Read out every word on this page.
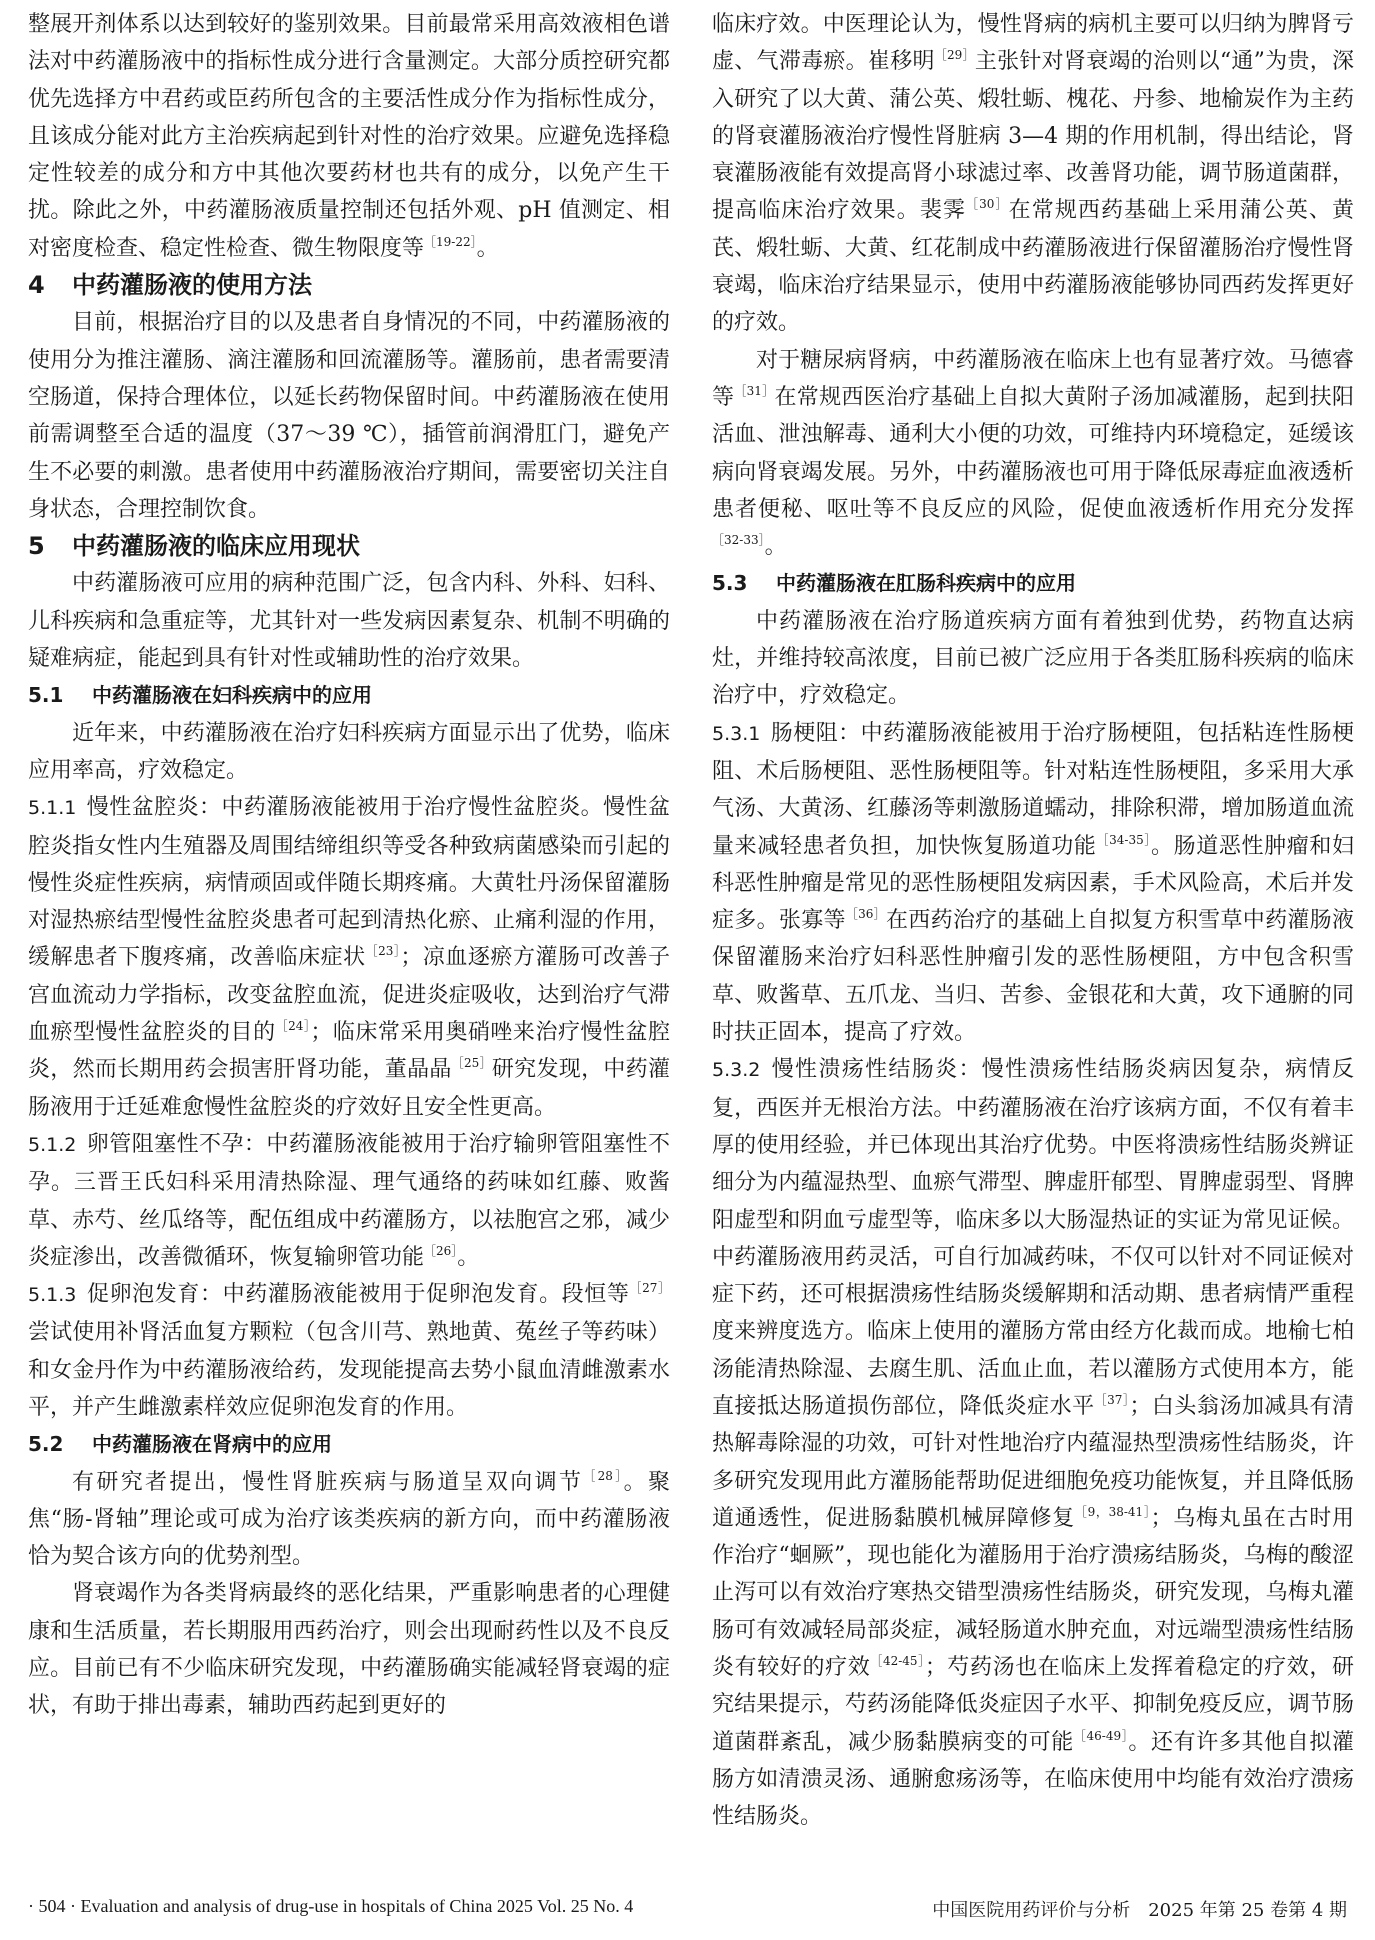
整展开剂体系以达到较好的鉴别效果。目前最常采用高效液相色谱法对中药灌肠液中的指标性成分进行含量测定。大部分质控研究都优先选择方中君药或臣药所包含的主要活性成分作为指标性成分，且该成分能对此方主治疾病起到针对性的治疗效果。应避免选择稳定性较差的成分和方中其他次要药材也共有的成分，以免产生干扰。除此之外，中药灌肠液质量控制还包括外观、pH 值测定、相对密度检查、稳定性检查、微生物限度等$^{[19-22]}$。

4 中药灌肠液的使用方法

目前，根据治疗目的以及患者自身情况的不同，中药灌肠液的使用分为推注灌肠、滴注灌肠和回流灌肠等。灌肠前，患者需要清空肠道，保持合理体位，以延长药物保留时间。中药灌肠液在使用前需调整至合适的温度（37～39 ℃），插管前润滑肛门，避免产生不必要的刺激。患者使用中药灌肠液治疗期间，需要密切关注自身状态，合理控制饮食。

5 中药灌肠液的临床应用现状

中药灌肠液可应用的病种范围广泛，包含内科、外科、妇科、儿科疾病和急重症等，尤其针对一些发病因素复杂、机制不明确的疑难病症，能起到具有针对性或辅助性的治疗效果。

5.1 中药灌肠液在妇科疾病中的应用

近年来，中药灌肠液在治疗妇科疾病方面显示出了优势，临床应用率高，疗效稳定。

5.1.1 慢性盆腔炎：中药灌肠液能被用于治疗慢性盆腔炎。慢性盆腔炎指女性内生殖器及周围结缔组织等受各种致病菌感染而引起的慢性炎症性疾病，病情顽固或伴随长期疼痛。大黄牡丹汤保留灌肠对湿热瘀结型慢性盆腔炎患者可起到清热化瘀、止痛利湿的作用，缓解患者下腹疼痛，改善临床症状$^{[23]}$；凉血逐瘀方灌肠可改善子宫血流动力学指标，改变盆腔血流，促进炎症吸收，达到治疗气滞血瘀型慢性盆腔炎的目的$^{[24]}$；临床常采用奥硝唑来治疗慢性盆腔炎，然而长期用药会损害肝肾功能，董晶晶$^{[25]}$研究发现，中药灌肠液用于迁延难愈慢性盆腔炎的疗效好且安全性更高。

5.1.2 卵管阻塞性不孕：中药灌肠液能被用于治疗输卵管阻塞性不孕。三晋王氏妇科采用清热除湿、理气通络的药味如红藤、败酱草、赤芍、丝瓜络等，配伍组成中药灌肠方，以祛胞宫之邪，减少炎症渗出，改善微循环，恢复输卵管功能$^{[26]}$。

5.1.3 促卵泡发育：中药灌肠液能被用于促卵泡发育。段恒等$^{[27]}$尝试使用补肾活血复方颗粒（包含川芎、熟地黄、菟丝子等药味）和女金丹作为中药灌肠液给药，发现能提高去势小鼠血清雌激素水平，并产生雌激素样效应促卵泡发育的作用。

5.2 中药灌肠液在肾病中的应用

有研究者提出，慢性肾脏疾病与肠道呈双向调节$^{[28]}$。聚焦“肠-肾轴”理论或可成为治疗该类疾病的新方向，而中药灌肠液恰为契合该方向的优势剂型。

肾衰竭作为各类肾病最终的恶化结果，严重影响患者的心理健康和生活质量，若长期服用西药治疗，则会出现耐药性以及不良反应。目前已有不少临床研究发现，中药灌肠确实能减轻肾衰竭的症状，有助于排出毒素，辅助西药起到更好的

临床疗效。中医理论认为，慢性肾病的病机主要可以归纳为脾肾亏虚、气滞毒瘀。崔移明$^{[29]}$主张针对肾衰竭的治则以“通”为贵，深入研究了以大黄、蒲公英、煅牡蛎、槐花、丹参、地榆炭作为主药的肾衰灌肠液治疗慢性肾脏病 3—4 期的作用机制，得出结论，肾衰灌肠液能有效提高肾小球滤过率、改善肾功能，调节肠道菌群，提高临床治疗效果。裴霁$^{[30]}$在常规西药基础上采用蒲公英、黄芪、煅牡蛎、大黄、红花制成中药灌肠液进行保留灌肠治疗慢性肾衰竭，临床治疗结果显示，使用中药灌肠液能够协同西药发挥更好的疗效。

对于糖尿病肾病，中药灌肠液在临床上也有显著疗效。马德睿等$^{[31]}$在常规西医治疗基础上自拟大黄附子汤加减灌肠，起到扶阳活血、泄浊解毒、通利大小便的功效，可维持内环境稳定，延缓该病向肾衰竭发展。另外，中药灌肠液也可用于降低尿毒症血液透析患者便秘、呕吐等不良反应的风险，促使血液透析作用充分发挥$^{[32-33]}$。

5.3 中药灌肠液在肛肠科疾病中的应用

中药灌肠液在治疗肠道疾病方面有着独到优势，药物直达病灶，并维持较高浓度，目前已被广泛应用于各类肛肠科疾病的临床治疗中，疗效稳定。

5.3.1 肠梗阻：中药灌肠液能被用于治疗肠梗阻，包括粘连性肠梗阻、术后肠梗阻、恶性肠梗阻等。针对粘连性肠梗阻，多采用大承气汤、大黄汤、红藤汤等刺激肠道蠕动，排除积滞，增加肠道血流量来减轻患者负担，加快恢复肠道功能$^{[34-35]}$。肠道恶性肿瘤和妇科恶性肿瘤是常见的恶性肠梗阻发病因素，手术风险高，术后并发症多。张寡等$^{[36]}$在西药治疗的基础上自拟复方积雪草中药灌肠液保留灌肠来治疗妇科恶性肿瘤引发的恶性肠梗阻，方中包含积雪草、败酱草、五爪龙、当归、苦参、金银花和大黄，攻下通腑的同时扶正固本，提高了疗效。

5.3.2 慢性溃疡性结肠炎：慢性溃疡性结肠炎病因复杂，病情反复，西医并无根治方法。中药灌肠液在治疗该病方面，不仅有着丰厚的使用经验，并已体现出其治疗优势。中医将溃疡性结肠炎辨证细分为内蕴湿热型、血瘀气滞型、脾虚肝郁型、胃脾虚弱型、肾脾阳虚型和阴血亏虚型等，临床多以大肠湿热证的实证为常见证候。中药灌肠液用药灵活，可自行加减药味，不仅可以针对不同证候对症下药，还可根据溃疡性结肠炎缓解期和活动期、患者病情严重程度来辨度选方。临床上使用的灌肠方常由经方化裁而成。地榆七柏汤能清热除湿、去腐生肌、活血止血，若以灌肠方式使用本方，能直接抵达肠道损伤部位，降低炎症水平$^{[37]}$；白头翁汤加减具有清热解毒除湿的功效，可针对性地治疗内蕴湿热型溃疡性结肠炎，许多研究发现用此方灌肠能帮助促进细胞免疫功能恢复，并且降低肠道通透性，促进肠黏膜机械屏障修复$^{[9,38-41]}$；乌梅丸虽在古时用作治疗“蛔厥”，现也能化为灌肠用于治疗溃疡结肠炎，乌梅的酸涩止泻可以有效治疗寒热交错型溃疡性结肠炎，研究发现，乌梅丸灌肠可有效减轻局部炎症，减轻肠道水肿充血，对远端型溃疡性结肠炎有较好的疗效$^{[42-45]}$；芍药汤也在临床上发挥着稳定的疗效，研究结果提示，芍药汤能降低炎症因子水平、抑制免疫反应，调节肠道菌群紊乱，减少肠黏膜病变的可能$^{[46-49]}$。还有许多其他自拟灌肠方如清溃灵汤、通腑愈疡汤等，在临床使用中均能有效治疗溃疡性结肠炎。

· 504 · Evaluation and analysis of drug-use in hospitals of China 2025 Vol. 25 No. 4	中国医院用药评价与分析　2025 年第 25 卷第 4 期
